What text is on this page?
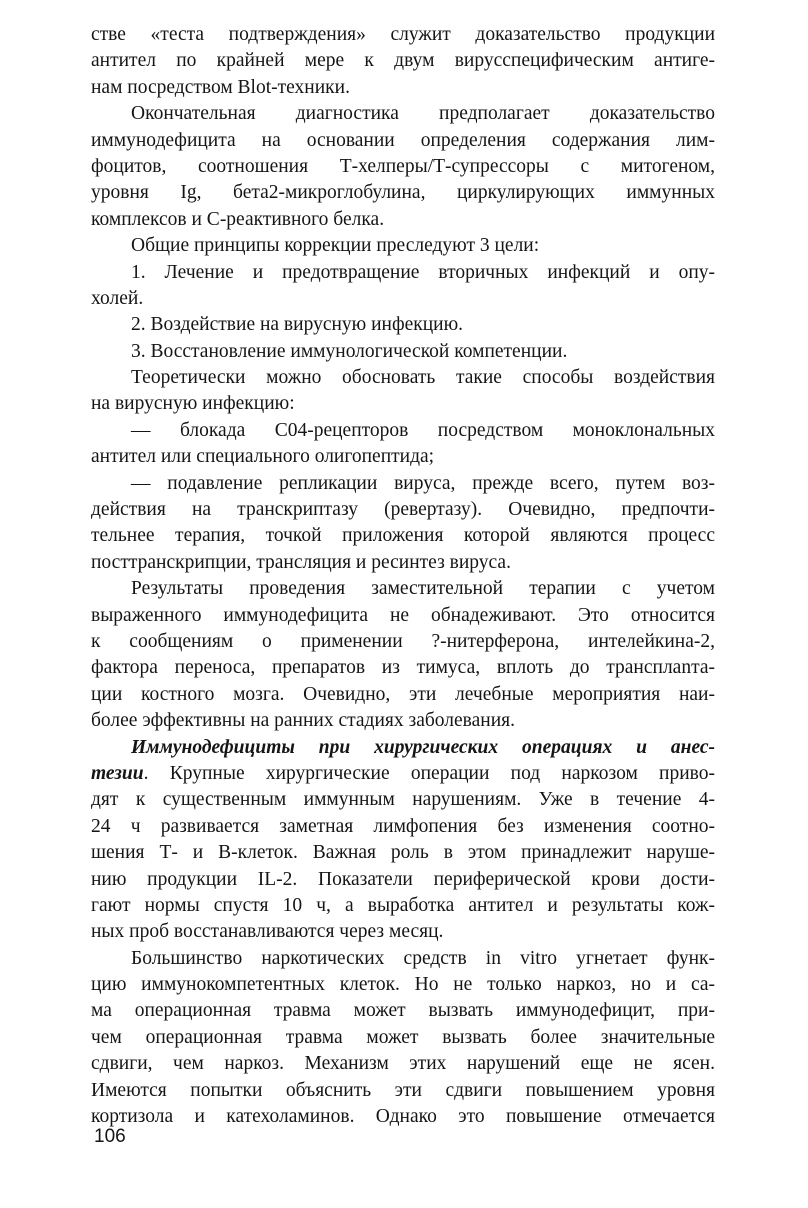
стве «теста подтверждения» служит доказательство продукции
антител по крайней мере к двум вирусспецифическим антиге-
нам посредством Blot-техники.
Окончательная диагностика предполагает доказательство
иммунодефицита на основании определения содержания лим-
фоцитов, соотношения Т-хелперы/Т-супрессоры с митогеном,
уровня Ig, бета2-микроглобулина, циркулирующих иммунных
комплексов и С-реактивного белка.
Общие принципы коррекции преследуют 3 цели:
1. Лечение и предотвращение вторичных инфекций и опу-
холей.
2. Воздействие на вирусную инфекцию.
3. Восстановление иммунологической компетенции.
Теоретически можно обосновать такие способы воздействия
на вирусную инфекцию:
— блокада С04-рецепторов посредством моноклональных
антител или специального олигопептида;
— подавление репликации вируса, прежде всего, путем воз-
действия на транскриптазу (ревертазу). Очевидно, предпочти-
тельнее терапия, точкой приложения которой являются процесс
посттранскрипции, трансляция и ресинтез вируса.
Результаты проведения заместительной терапии с учетом
выраженного иммунодефицита не обнадеживают. Это относится
к сообщениям о применении ?-нитерферона, интелейкина-2,
фактора переноса, препаратов из тимуса, вплоть до трансплanта-
ции костного мозга. Очевидно, эти лечебные мероприятия наи-
более эффективны на ранних стадиях заболевания.
Иммунодефициты при хирургических операциях и анес-
тезии. Крупные хирургические операции под наркозом приво-
дят к существенным иммунным нарушениям. Уже в течение 4-
24 ч развивается заметная лимфопения без изменения соотно-
шения Т- и В-клеток. Важная роль в этом принадлежит наруше-
нию продукции IL-2. Показатели периферической крови дости-
гают нормы спустя 10 ч, а выработка антител и результаты кож-
ных проб восстанавливаются через месяц.
Большинство наркотических средств in vitro угнетает функ-
цию иммунокомпетентных клеток. Но не только наркоз, но и са-
ма операционная травма может вызвать иммунодефицит, при-
чем операционная травма может вызвать более значительные
сдвиги, чем наркоз. Механизм этих нарушений еще не ясен.
Имеются попытки объяснить эти сдвиги повышением уровня
кортизола и катехоламинов. Однако это повышение отмечается
106
